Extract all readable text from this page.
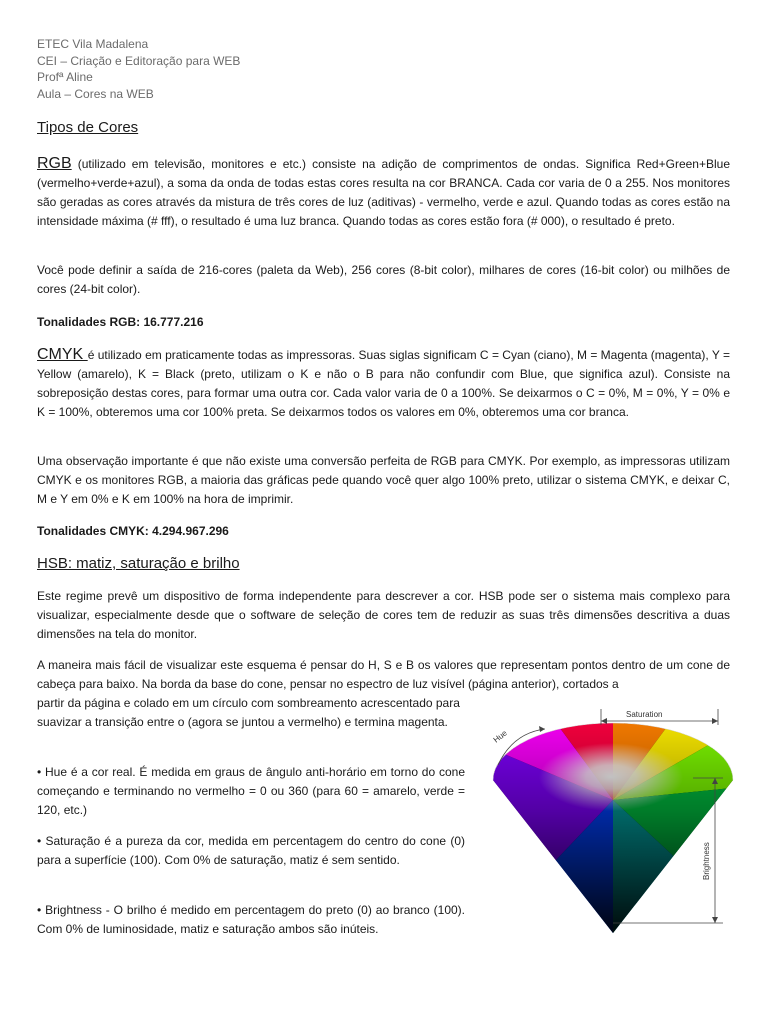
ETEC Vila Madalena
CEI – Criação e Editoração para WEB
Profª Aline
Aula – Cores na WEB
Tipos de Cores

RGB (utilizado em televisão, monitores e etc.) consiste na adição de comprimentos de ondas. Significa Red+Green+Blue (vermelho+verde+azul), a soma da onda de todas estas cores resulta na cor BRANCA. Cada cor varia de 0 a 255. Nos monitores são geradas as cores através da mistura de três cores de luz (aditivas) - vermelho, verde e azul. Quando todas as cores estão na intensidade máxima (# fff), o resultado é uma luz branca. Quando todas as cores estão fora (# 000), o resultado é preto.

Você pode definir a saída de 216-cores (paleta da Web), 256 cores (8-bit color), milhares de cores (16-bit color) ou milhões de cores (24-bit color).

Tonalidades RGB: 16.777.216

CMYK é utilizado em praticamente todas as impressoras. Suas siglas significam C = Cyan (ciano), M = Magenta (magenta), Y = Yellow (amarelo), K = Black (preto, utilizam o K e não o B para não confundir com Blue, que significa azul). Consiste na sobreposição destas cores, para formar uma outra cor. Cada valor varia de 0 a 100%. Se deixarmos o C = 0%, M = 0%, Y = 0% e K = 100%, obteremos uma cor 100% preta. Se deixarmos todos os valores em 0%, obteremos uma cor branca.

Uma observação importante é que não existe uma conversão perfeita de RGB para CMYK. Por exemplo, as impressoras utilizam CMYK e os monitores RGB, a maioria das gráficas pede quando você quer algo 100% preto, utilizar o sistema CMYK, e deixar C, M e Y em 0% e K em 100% na hora de imprimir.

Tonalidades CMYK: 4.294.967.296

HSB: matiz, saturação e brilho

Este regime prevê um dispositivo de forma independente para descrever a cor. HSB pode ser o sistema mais complexo para visualizar, especialmente desde que o software de seleção de cores tem de reduzir as suas três dimensões descritiva a duas dimensões na tela do monitor.

A maneira mais fácil de visualizar este esquema é pensar do H, S e B os valores que representam pontos dentro de um cone de cabeça para baixo. Na borda da base do cone, pensar no espectro de luz visível (página anterior), cortados a

partir da página e colado em um círculo com sombreamento acrescentado para suavizar a transição entre o (agora se juntou a vermelho) e termina magenta.

• Hue é a cor real. É medida em graus de ângulo anti-horário em torno do cone começando e terminando no vermelho = 0 ou 360 (para 60 = amarelo, verde = 120, etc.)

• Saturação é a pureza da cor, medida em percentagem do centro do cone (0) para a superfície (100). Com 0% de saturação, matiz é sem sentido.

• Brightness - O brilho é medido em percentagem do preto (0) ao branco (100). Com 0% de luminosidade, matiz e saturação ambos são inúteis.

Saturation
Brightness
Hue
